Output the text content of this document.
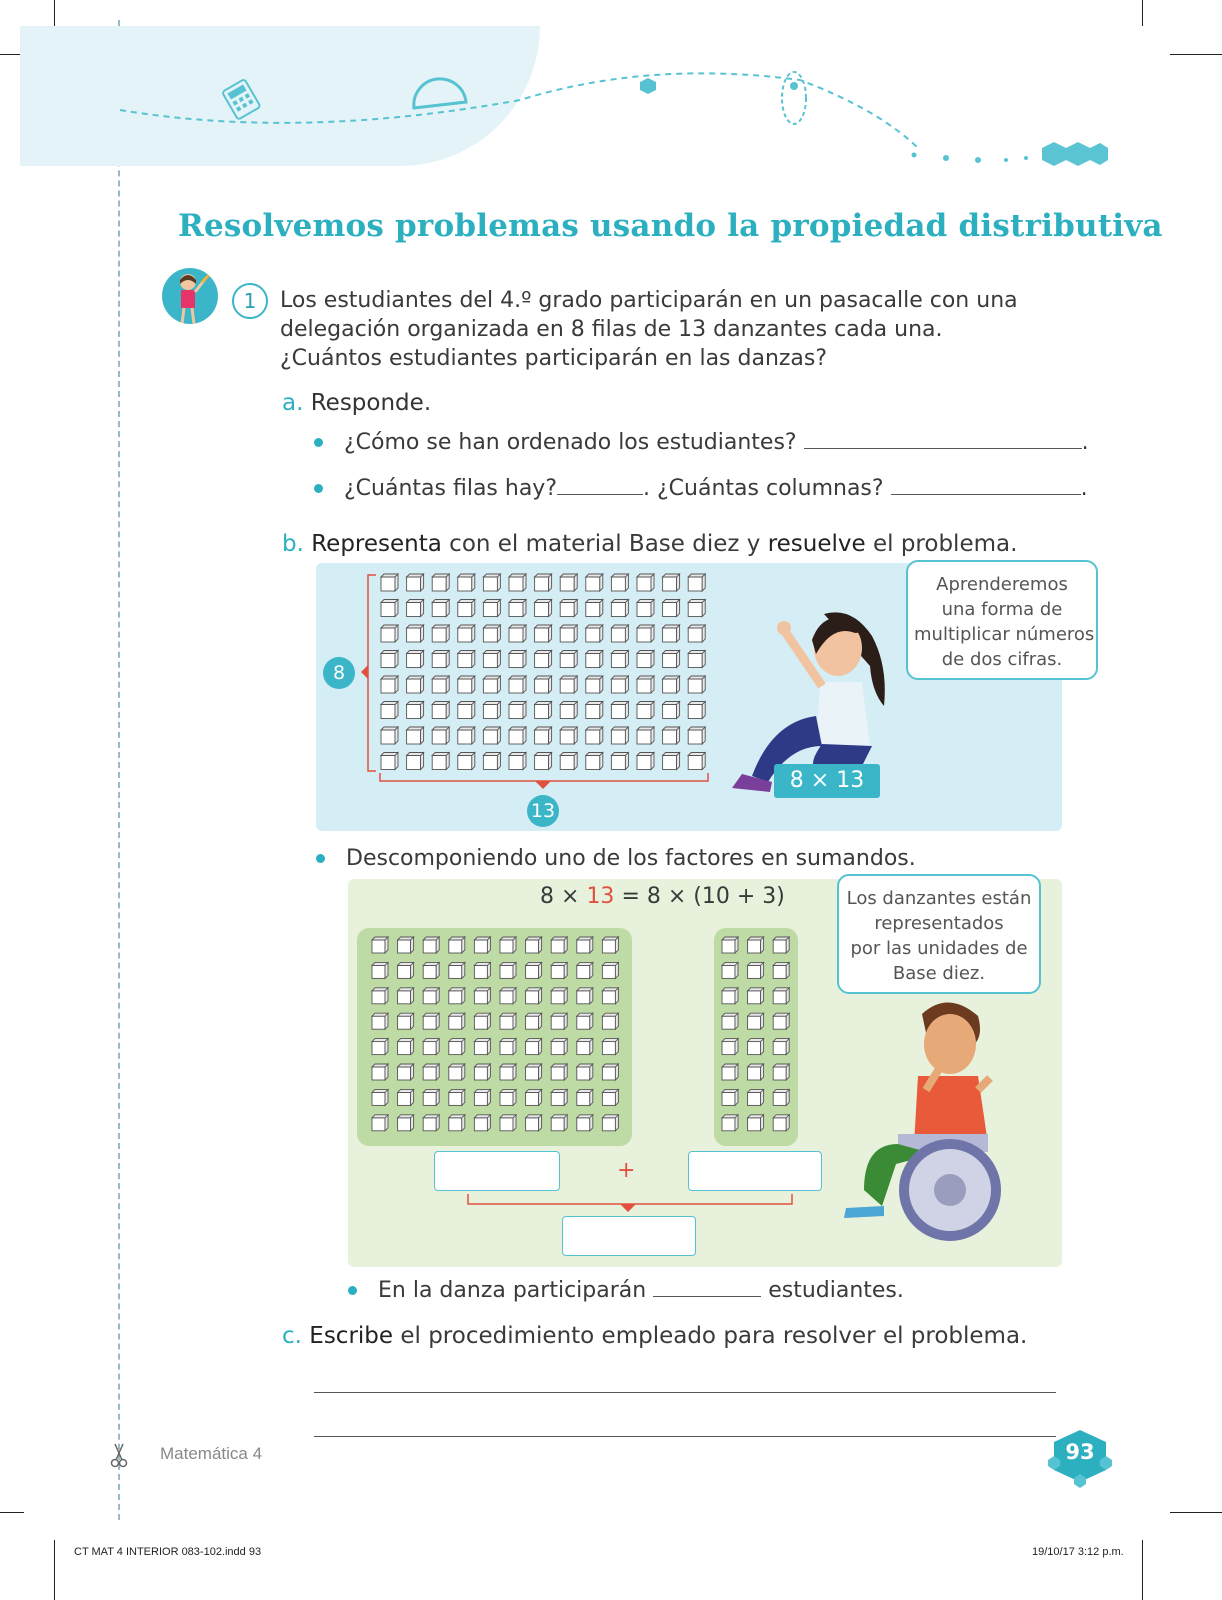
Resolvemos problemas usando la propiedad distributiva
1	Los estudiantes del 4.º grado participarán en un pasacalle con una
delegación organizada en 8 filas de 13 danzantes cada una.
¿Cuántos estudiantes participarán en las danzas?
a. Responde.
¿Cómo se han ordenado los estudiantes?	.
¿Cuántas filas hay?	. ¿Cuántas columnas?	.
b. Representa con el material Base diez y resuelve el problema.
8
13
8 × 13
Aprenderemos
una forma de
multiplicar números
de dos cifras.
Descomponiendo uno de los factores en sumandos.
8 × 13 = 8 × (10 + 3)
+
Los danzantes están
representados
por las unidades de
Base diez.
En la danza participarán	estudiantes.
c. Escribe el procedimiento empleado para resolver el problema.
Matemática 4	93
CT MAT 4 INTERIOR 083-102.indd 93	19/10/17 3:12 p.m.
